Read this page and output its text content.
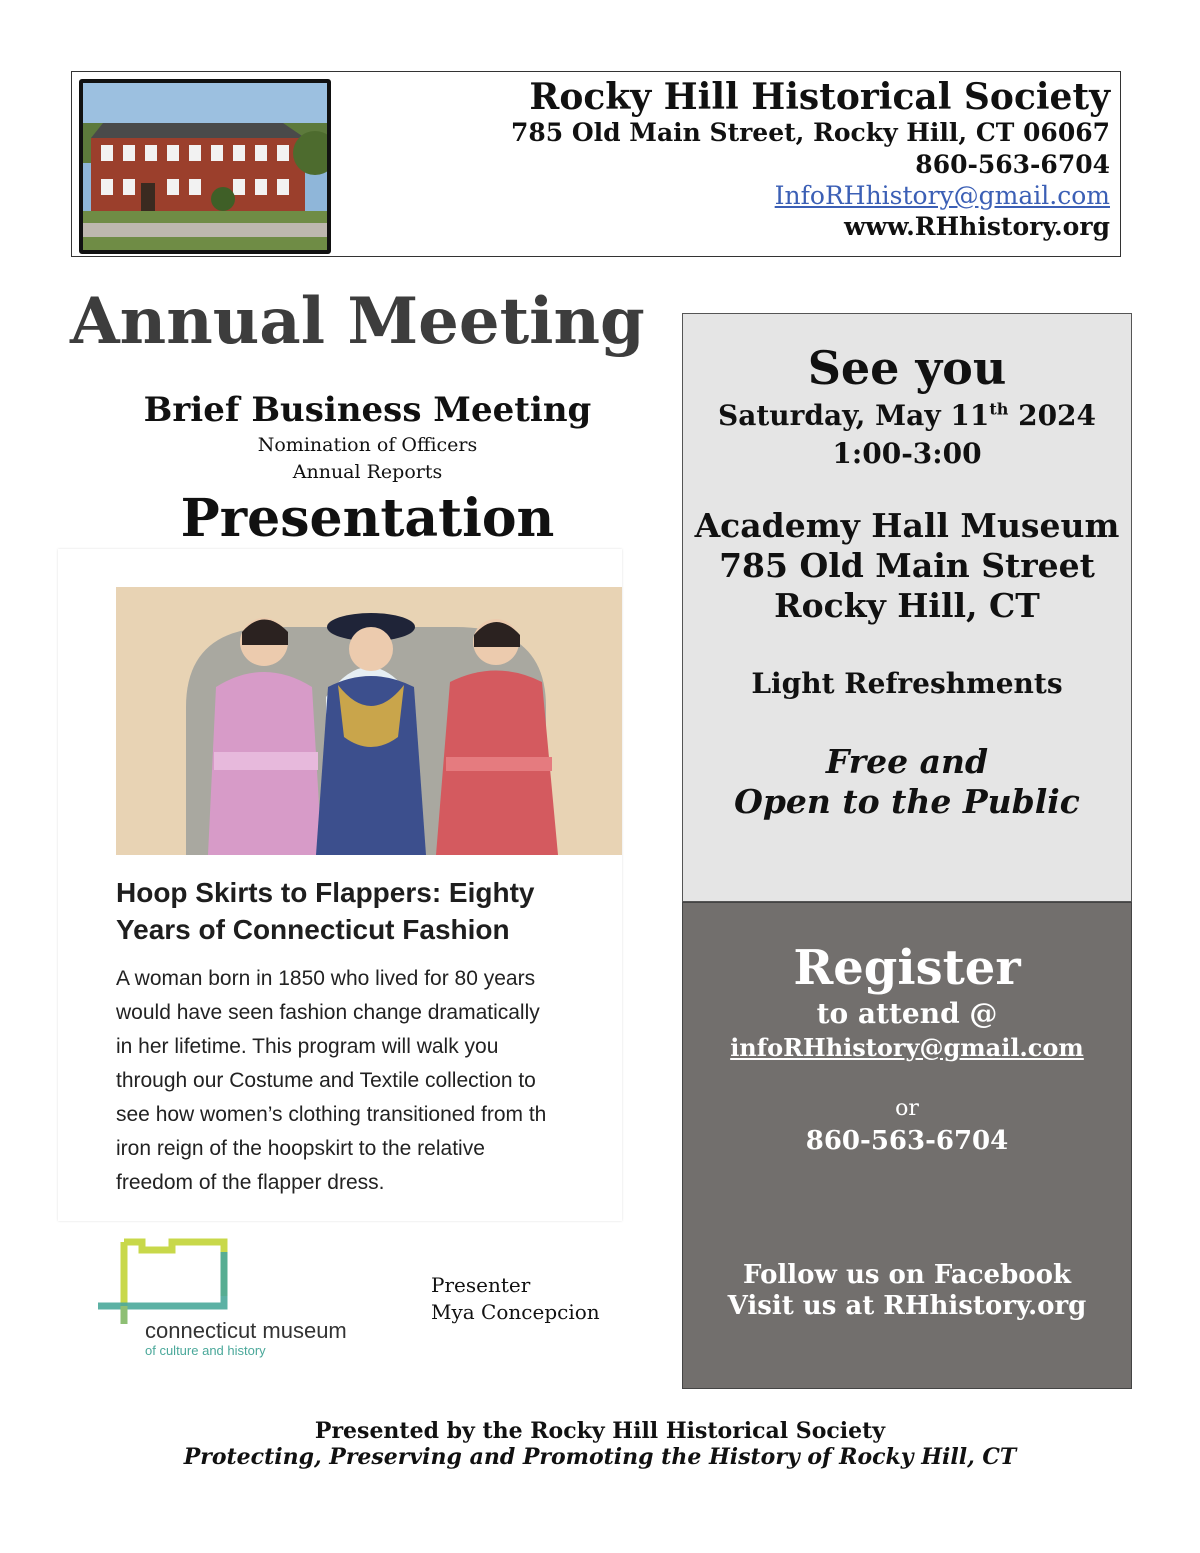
Rocky Hill Historical Society
785 Old Main Street, Rocky Hill, CT 06067
860-563-6704
InfoRHhistory@gmail.com
www.RHhistory.org
Annual Meeting
Brief Business Meeting
Nomination of Officers
Annual Reports
Presentation
Hoop Skirts to Flappers: Eighty
Years of Connecticut Fashion
A woman born in 1850 who lived for 80 years
would have seen fashion change dramatically
in her lifetime. This program will walk you
through our Costume and Textile collection to
see how women’s clothing transitioned from th
iron reign of the hoopskirt to the relative
freedom of the flapper dress.
connecticut museum
of culture and history
Presenter
Mya Concepcion
See you
Saturday, May 11th 2024
1:00-3:00
Academy Hall Museum
785 Old Main Street
Rocky Hill, CT
Light Refreshments
Free and
Open to the Public
Register
to attend @
infoRHhistory@gmail.com
or
860-563-6704
Follow us on Facebook
Visit us at RHhistory.org
Presented by the Rocky Hill Historical Society
Protecting, Preserving and Promoting the History of Rocky Hill, CT
